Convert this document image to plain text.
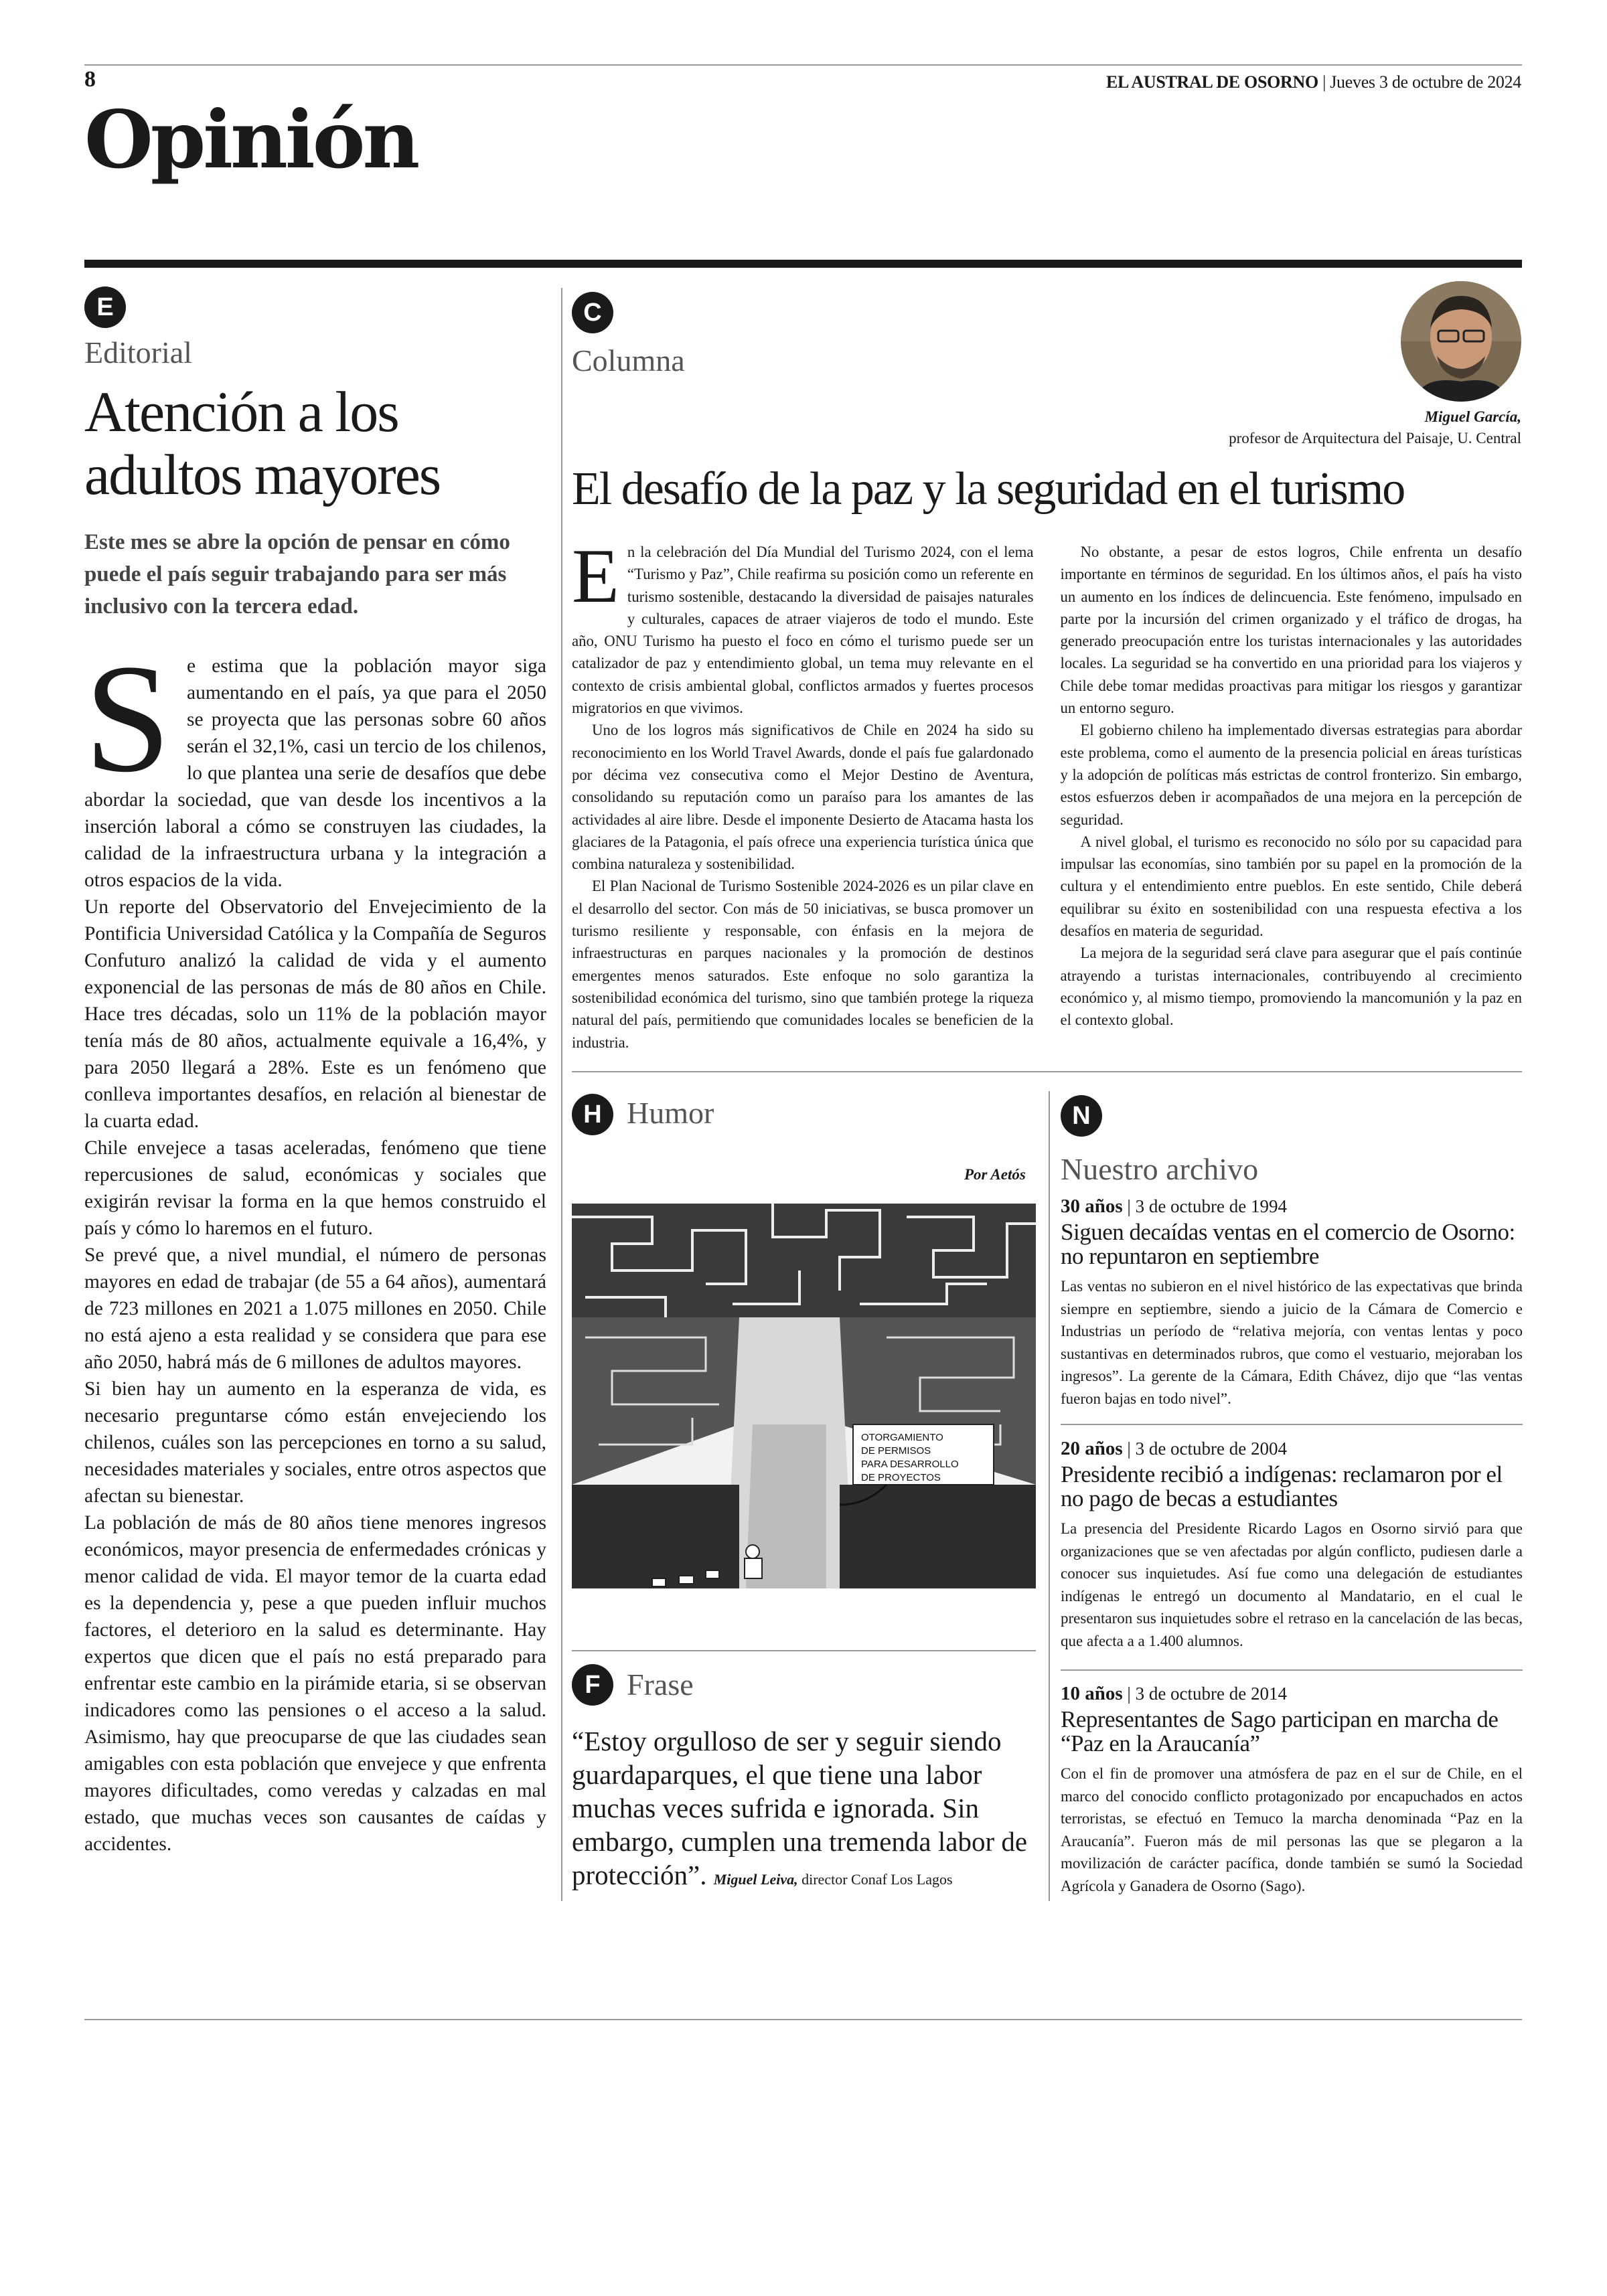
8	EL AUSTRAL DE OSORNO | Jueves 3 de octubre de 2024
Opinión
E
Editorial
Atención a los adultos mayores
Este mes se abre la opción de pensar en cómo puede el país seguir trabajando para ser más inclusivo con la tercera edad.

Se estima que la población mayor siga aumentando en el país, ya que para el 2050 se proyecta que las personas sobre 60 años serán el 32,1%, casi un tercio de los chilenos, lo que plantea una serie de desafíos que debe abordar la sociedad, que van desde los incentivos a la inserción laboral a cómo se construyen las ciudades, la calidad de la infraestructura urbana y la integración a otros espacios de la vida.

Un reporte del Observatorio del Envejecimiento de la Pontificia Universidad Católica y la Compañía de Seguros Confuturo analizó la calidad de vida y el aumento exponencial de las personas de más de 80 años en Chile. Hace tres décadas, solo un 11% de la población mayor tenía más de 80 años, actualmente equivale a 16,4%, y para 2050 llegará a 28%. Este es un fenómeno que conlleva importantes desafíos, en relación al bienestar de la cuarta edad.

Chile envejece a tasas aceleradas, fenómeno que tiene repercusiones de salud, económicas y sociales que exigirán revisar la forma en la que hemos construido el país y cómo lo haremos en el futuro.

Se prevé que, a nivel mundial, el número de personas mayores en edad de trabajar (de 55 a 64 años), aumentará de 723 millones en 2021 a 1.075 millones en 2050. Chile no está ajeno a esta realidad y se considera que para ese año 2050, habrá más de 6 millones de adultos mayores.

Si bien hay un aumento en la esperanza de vida, es necesario preguntarse cómo están envejeciendo los chilenos, cuáles son las percepciones en torno a su salud, necesidades materiales y sociales, entre otros aspectos que afectan su bienestar.

La población de más de 80 años tiene menores ingresos económicos, mayor presencia de enfermedades crónicas y menor calidad de vida. El mayor temor de la cuarta edad es la dependencia y, pese a que pueden influir muchos factores, el deterioro en la salud es determinante. Hay expertos que dicen que el país no está preparado para enfrentar este cambio en la pirámide etaria, si se observan indicadores como las pensiones o el acceso a la salud. Asimismo, hay que preocuparse de que las ciudades sean amigables con esta población que envejece y que enfrenta mayores dificultades, como veredas y calzadas en mal estado, que muchas veces son causantes de caídas y accidentes.

C
Columna
Miguel García,
profesor de Arquitectura del Paisaje, U. Central
El desafío de la paz y la seguridad en el turismo

En la celebración del Día Mundial del Turismo 2024, con el lema “Turismo y Paz”, Chile reafirma su posición como un referente en turismo sostenible, destacando la diversidad de paisajes naturales y culturales, capaces de atraer viajeros de todo el mundo. Este año, ONU Turismo ha puesto el foco en cómo el turismo puede ser un catalizador de paz y entendimiento global, un tema muy relevante en el contexto de crisis ambiental global, conflictos armados y fuertes procesos migratorios en que vivimos.

Uno de los logros más significativos de Chile en 2024 ha sido su reconocimiento en los World Travel Awards, donde el país fue galardonado por décima vez consecutiva como el Mejor Destino de Aventura, consolidando su reputación como un paraíso para los amantes de las actividades al aire libre. Desde el imponente Desierto de Atacama hasta los glaciares de la Patagonia, el país ofrece una experiencia turística única que combina naturaleza y sostenibilidad.

El Plan Nacional de Turismo Sostenible 2024-2026 es un pilar clave en el desarrollo del sector. Con más de 50 iniciativas, se busca promover un turismo resiliente y responsable, con énfasis en la mejora de infraestructuras en parques nacionales y la promoción de destinos emergentes menos saturados. Este enfoque no solo garantiza la sostenibilidad económica del turismo, sino que también protege la riqueza natural del país, permitiendo que comunidades locales se beneficien de la industria.

No obstante, a pesar de estos logros, Chile enfrenta un desafío importante en términos de seguridad. En los últimos años, el país ha visto un aumento en los índices de delincuencia. Este fenómeno, impulsado en parte por la incursión del crimen organizado y el tráfico de drogas, ha generado preocupación entre los turistas internacionales y las autoridades locales. La seguridad se ha convertido en una prioridad para los viajeros y Chile debe tomar medidas proactivas para mitigar los riesgos y garantizar un entorno seguro.

El gobierno chileno ha implementado diversas estrategias para abordar este problema, como el aumento de la presencia policial en áreas turísticas y la adopción de políticas más estrictas de control fronterizo. Sin embargo, estos esfuerzos deben ir acompañados de una mejora en la percepción de seguridad.

A nivel global, el turismo es reconocido no sólo por su capacidad para impulsar las economías, sino también por su papel en la promoción de la cultura y el entendimiento entre pueblos. En este sentido, Chile deberá equilibrar su éxito en sostenibilidad con una respuesta efectiva a los desafíos en materia de seguridad.

La mejora de la seguridad será clave para asegurar que el país continúe atrayendo a turistas internacionales, contribuyendo al crecimiento económico y, al mismo tiempo, promoviendo la mancomunión y la paz en el contexto global.

H Humor
Por Aetós
OTORGAMIENTO
DE PERMISOS
PARA DESARROLLO
DE PROYECTOS
F Frase
“Estoy orgulloso de ser y seguir siendo guardaparques, el que tiene una labor muchas veces sufrida e ignorada. Sin embargo, cumplen una tremenda labor de protección”. Miguel Leiva, director Conaf Los Lagos
N
Nuestro archivo
30 años | 3 de octubre de 1994
Siguen decaídas ventas en el comercio de Osorno: no repuntaron en septiembre
Las ventas no subieron en el nivel histórico de las expectativas que brinda siempre en septiembre, siendo a juicio de la Cámara de Comercio e Industrias un período de “relativa mejoría, con ventas lentas y poco sustantivas en determinados rubros, que como el vestuario, mejoraban los ingresos”. La gerente de la Cámara, Edith Chávez, dijo que “las ventas fueron bajas en todo nivel”.
20 años | 3 de octubre de 2004
Presidente recibió a indígenas: reclamaron por el no pago de becas a estudiantes
La presencia del Presidente Ricardo Lagos en Osorno sirvió para que organizaciones que se ven afectadas por algún conflicto, pudiesen darle a conocer sus inquietudes. Así fue como una delegación de estudiantes indígenas le entregó un documento al Mandatario, en el cual le presentaron sus inquietudes sobre el retraso en la cancelación de las becas, que afecta a a 1.400 alumnos.
10 años | 3 de octubre de 2014
Representantes de Sago participan en marcha de “Paz en la Araucanía”
Con el fin de promover una atmósfera de paz en el sur de Chile, en el marco del conocido conflicto protagonizado por encapuchados en actos terroristas, se efectuó en Temuco la marcha denominada “Paz en la Araucanía”. Fueron más de mil personas las que se plegaron a la movilización de carácter pacífica, donde también se sumó la Sociedad Agrícola y Ganadera de Osorno (Sago).
